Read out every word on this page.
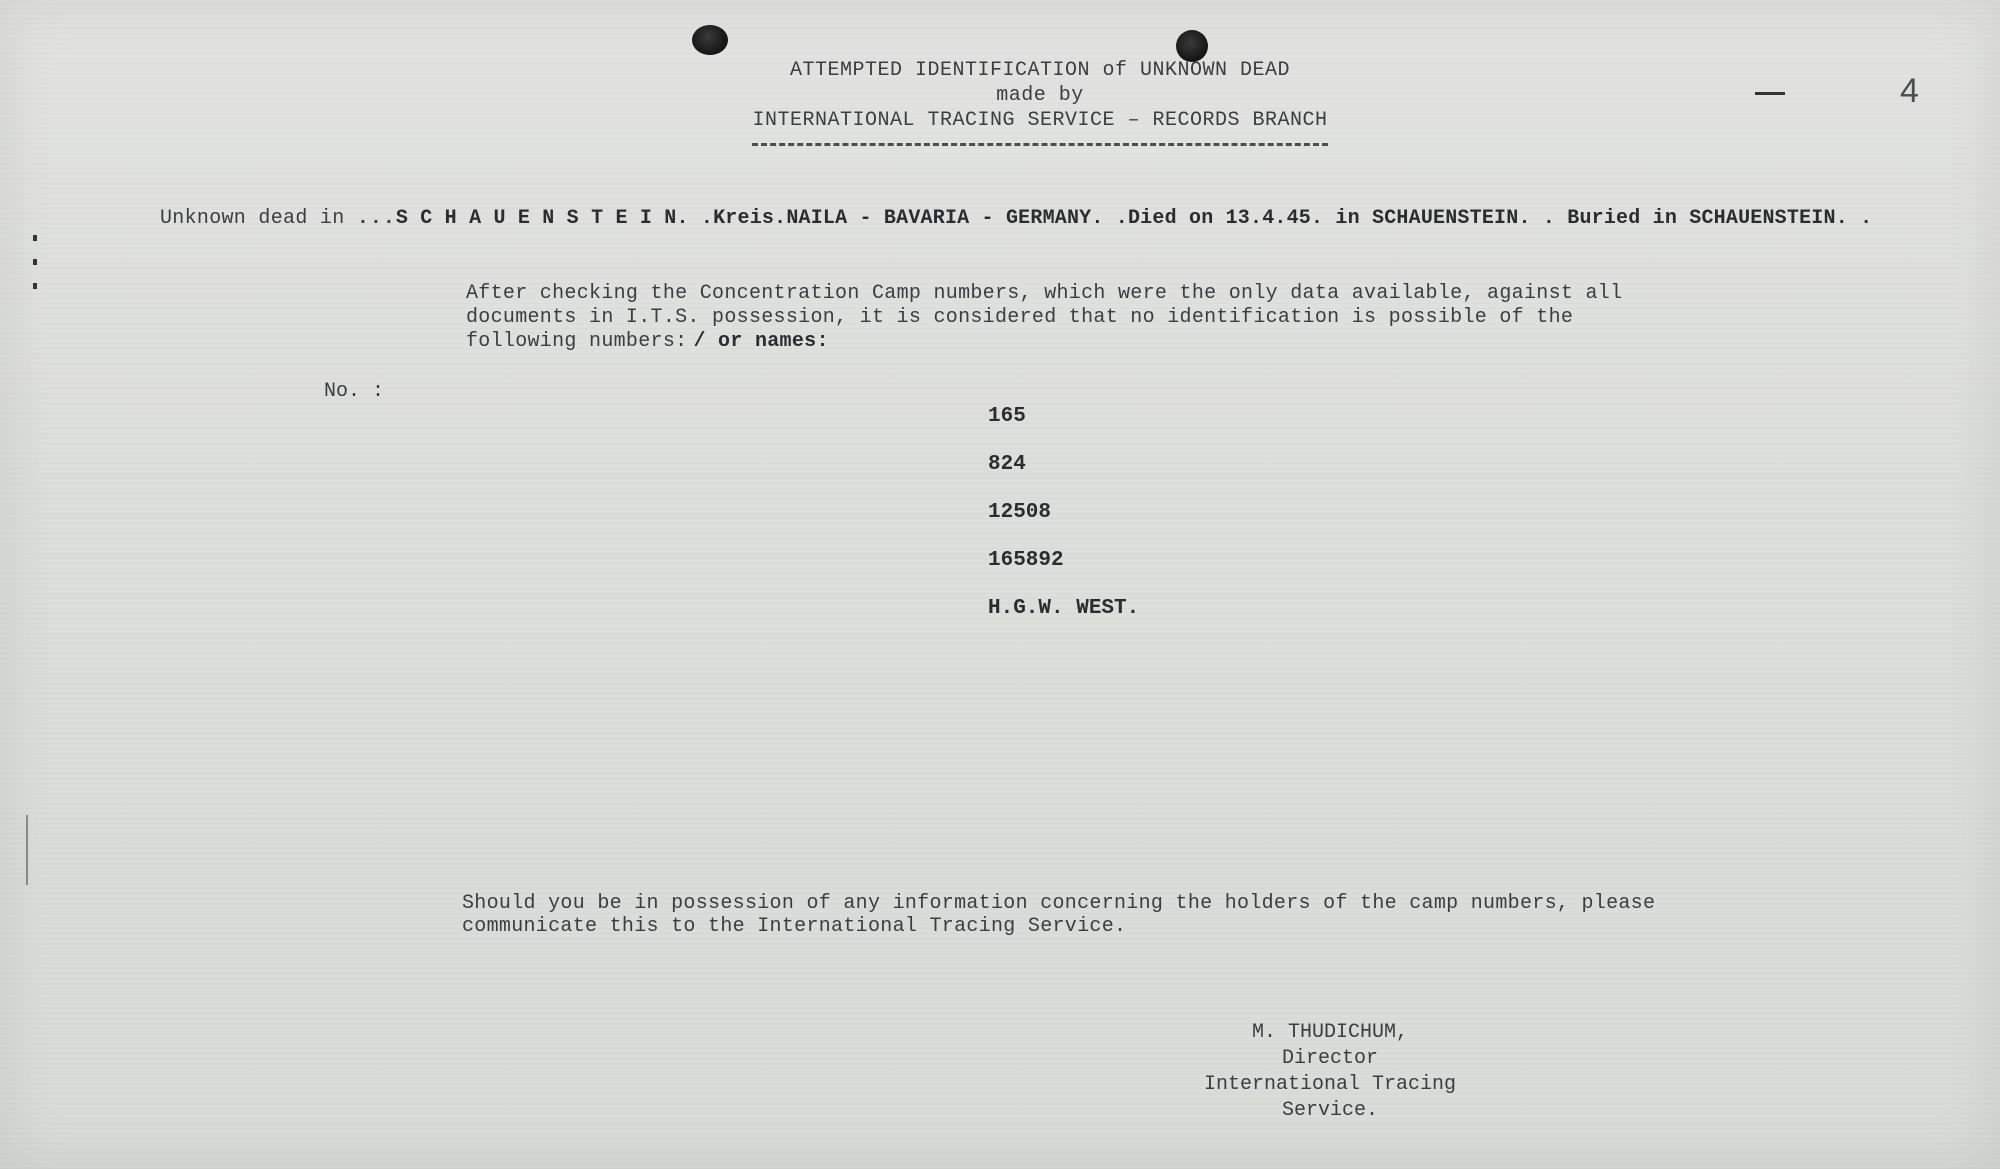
ATTEMPTED IDENTIFICATION of UNKNOWN DEAD
made by
INTERNATIONAL TRACING SERVICE – RECORDS BRANCH
4
Unknown dead in ...S C H A U E N S T E I N. .Kreis.NAILA - BAVARIA - GERMANY. .Died on 13.4.45. in SCHAUENSTEIN. . Buried in SCHAUENSTEIN. .
After checking the Concentration Camp numbers, which were the only data available, against all documents in I.T.S. possession, it is considered that no identification is possible of the following numbers: / or names:
No. :
165
824
12508
165892
H.G.W. WEST.
Should you be in possession of any information concerning the holders of the camp numbers, please communicate this to the International Tracing Service.
M. THUDICHUM,
Director
International Tracing Service.
